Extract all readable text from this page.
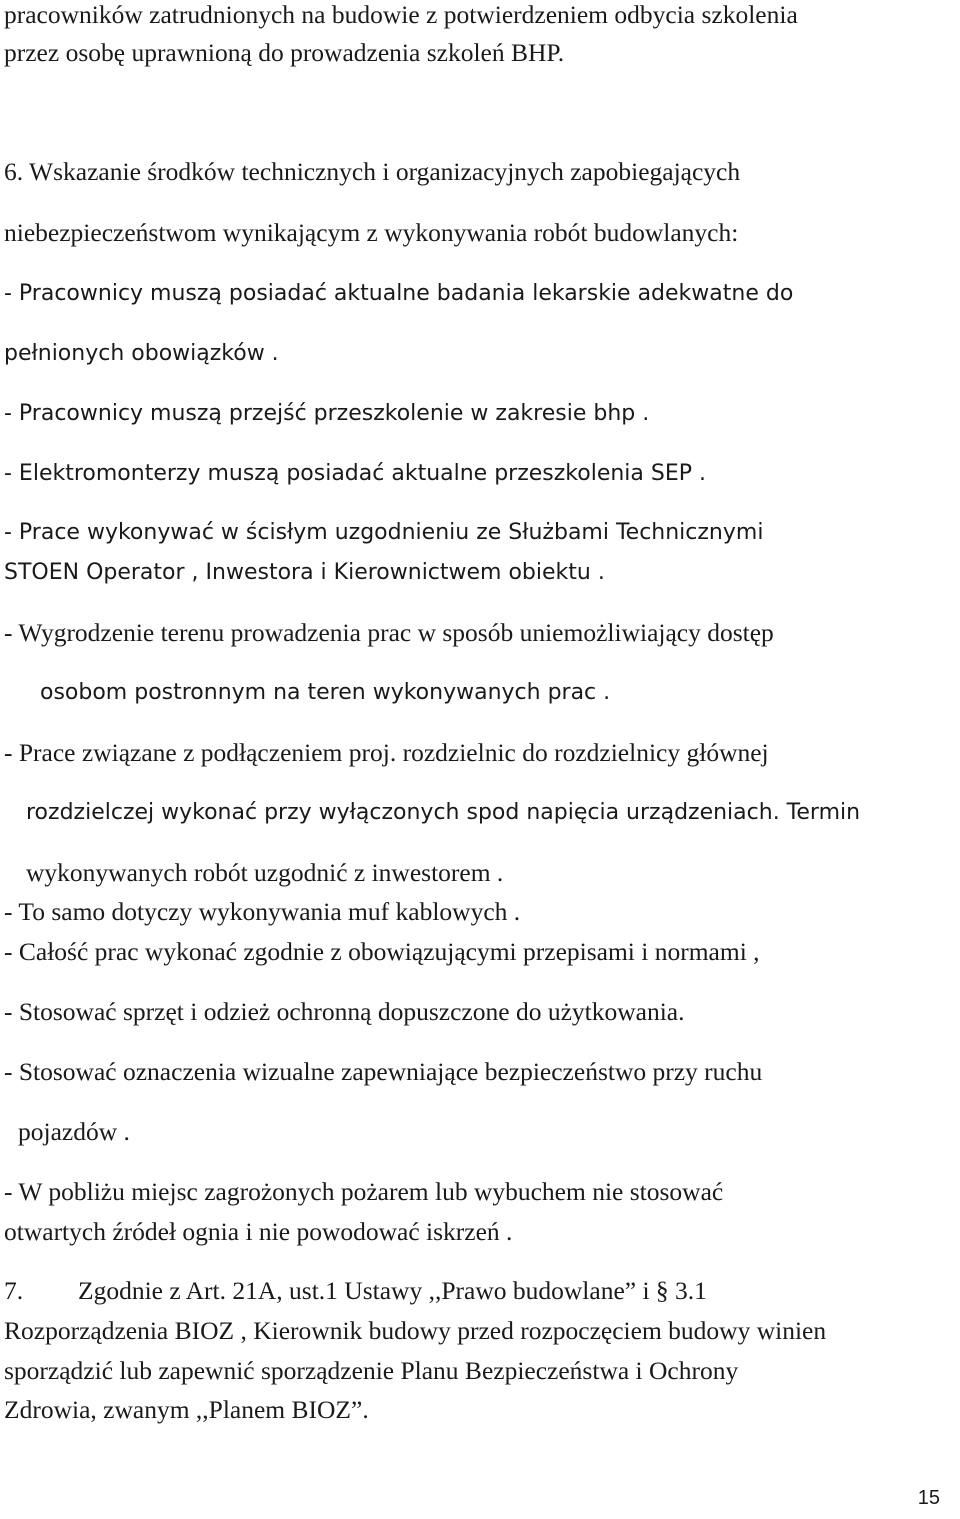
pracowników zatrudnionych na budowie z potwierdzeniem odbycia szkolenia

przez osobę uprawnioną do prowadzenia szkoleń BHP.

6. Wskazanie środków technicznych i organizacyjnych zapobiegających

niebezpieczeństwom wynikającym z wykonywania robót budowlanych:

- Pracownicy muszą posiadać aktualne badania lekarskie adekwatne do

pełnionych obowiązków .

- Pracownicy muszą przejść przeszkolenie w zakresie bhp .

- Elektromonterzy muszą posiadać aktualne przeszkolenia SEP .

- Prace wykonywać w ścisłym uzgodnieniu ze Służbami Technicznymi

STOEN Operator , Inwestora i Kierownictwem obiektu .

- Wygrodzenie terenu prowadzenia prac w sposób uniemożliwiający dostęp

osobom postronnym na teren wykonywanych prac .

- Prace związane z podłączeniem proj. rozdzielnic do rozdzielnicy głównej

rozdzielczej wykonać przy wyłączonych spod napięcia urządzeniach. Termin

wykonywanych robót uzgodnić z inwestorem .

- To samo dotyczy wykonywania muf kablowych .

- Całość prac wykonać zgodnie z obowiązującymi przepisami i normami ,

- Stosować sprzęt i odzież ochronną dopuszczone do użytkowania.

- Stosować oznaczenia wizualne zapewniające bezpieczeństwo przy ruchu

pojazdów .

- W pobliżu miejsc zagrożonych pożarem lub wybuchem nie stosować

otwartych źródeł ognia i nie powodować iskrzeń .

7. Zgodnie z Art. 21A, ust.1 Ustawy ,,Prawo budowlane” i § 3.1

Rozporządzenia BIOZ , Kierownik budowy przed rozpoczęciem budowy winien

sporządzić lub zapewnić sporządzenie Planu Bezpieczeństwa i Ochrony

Zdrowia, zwanym ,,Planem BIOZ”.

15
